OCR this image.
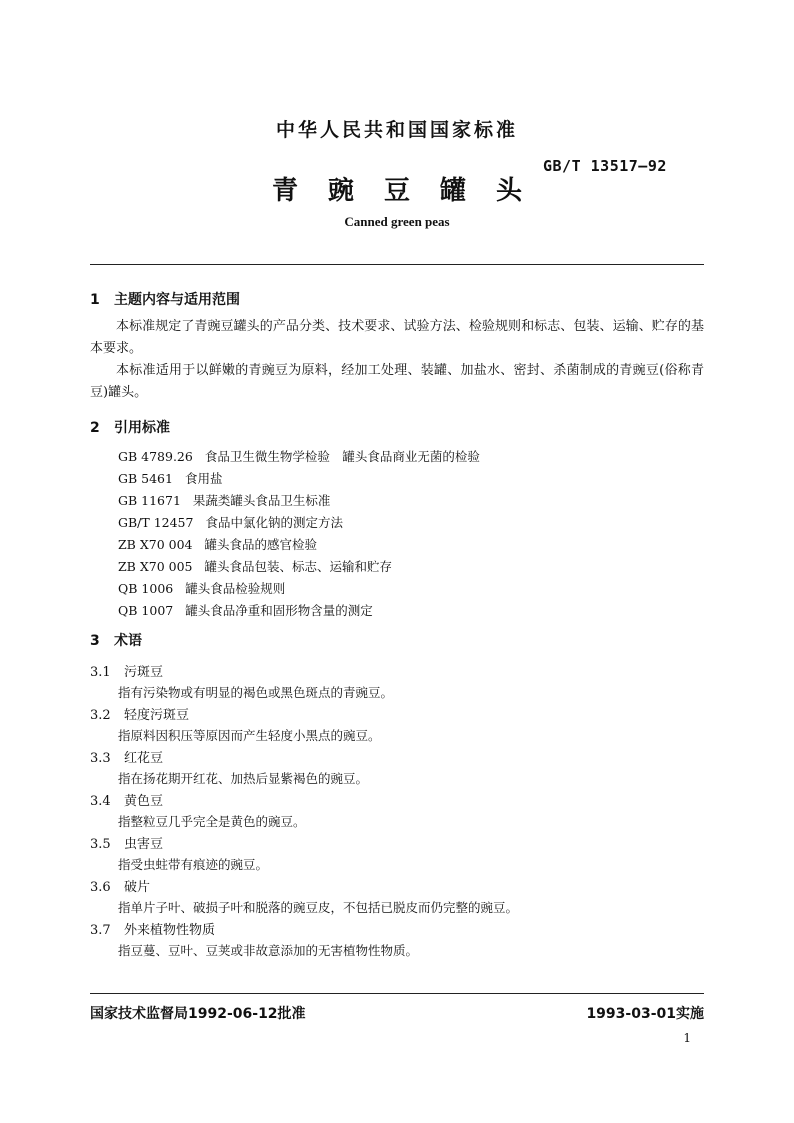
中华人民共和国国家标准
GB/T 13517—92
青豌豆罐头
Canned green peas
1 主题内容与适用范围
本标准规定了青豌豆罐头的产品分类、技术要求、试验方法、检验规则和标志、包装、运输、贮存的基本要求。
本标准适用于以鲜嫩的青豌豆为原料，经加工处理、装罐、加盐水、密封、杀菌制成的青豌豆(俗称青豆)罐头。
2 引用标准
GB 4789.26 食品卫生微生物学检验　罐头食品商业无菌的检验
GB 5461 食用盐
GB 11671 果蔬类罐头食品卫生标准
GB/T 12457 食品中氯化钠的测定方法
ZB X70 004 罐头食品的感官检验
ZB X70 005 罐头食品包装、标志、运输和贮存
QB 1006 罐头食品检验规则
QB 1007 罐头食品净重和固形物含量的测定
3 术语
3.1 污斑豆
指有污染物或有明显的褐色或黑色斑点的青豌豆。
3.2 轻度污斑豆
指原料因积压等原因而产生轻度小黑点的豌豆。
3.3 红花豆
指在扬花期开红花、加热后显紫褐色的豌豆。
3.4 黄色豆
指整粒豆几乎完全是黄色的豌豆。
3.5 虫害豆
指受虫蛀带有痕迹的豌豆。
3.6 破片
指单片子叶、破损子叶和脱落的豌豆皮，不包括已脱皮而仍完整的豌豆。
3.7 外来植物性物质
指豆蔓、豆叶、豆荚或非故意添加的无害植物性物质。
国家技术监督局1992-06-12批准	1993-03-01实施
1
